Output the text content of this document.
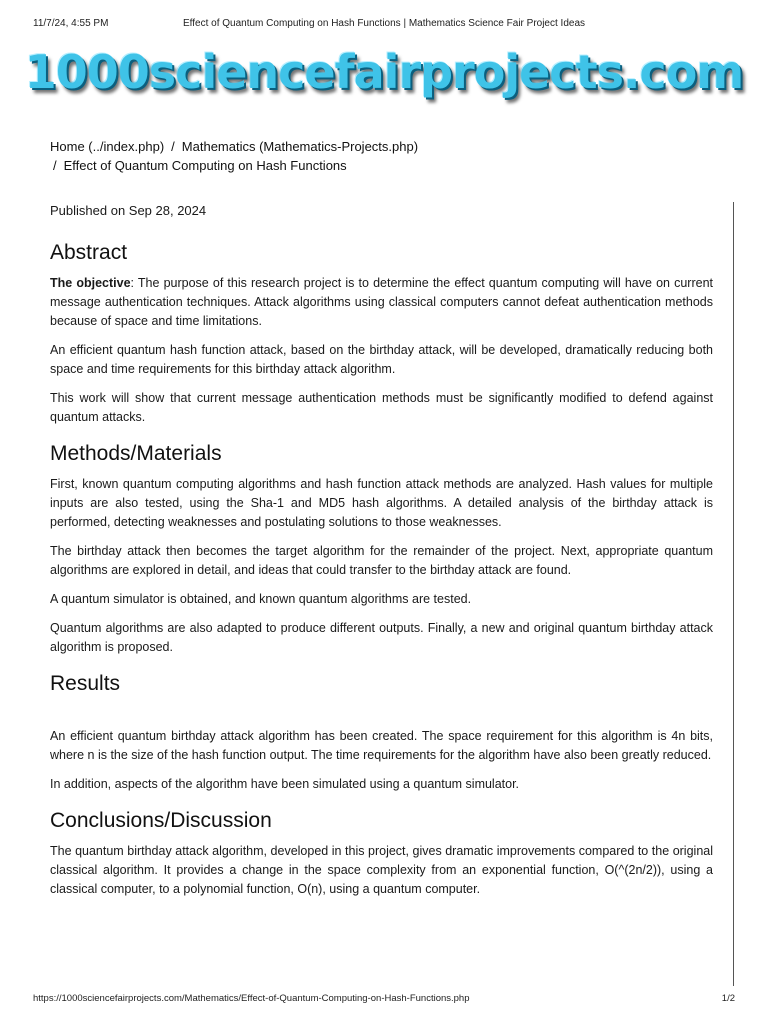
11/7/24, 4:55 PM	Effect of Quantum Computing on Hash Functions | Mathematics Science Fair Project Ideas
1000sciencefairprojects.com
Home (../index.php) / Mathematics (Mathematics-Projects.php)
/ Effect of Quantum Computing on Hash Functions
Published on Sep 28, 2024
Abstract

The objective: The purpose of this research project is to determine the effect quantum computing will have on current message authentication techniques. Attack algorithms using classical computers cannot defeat authentication methods because of space and time limitations.

An efficient quantum hash function attack, based on the birthday attack, will be developed, dramatically reducing both space and time requirements for this birthday attack algorithm.

This work will show that current message authentication methods must be significantly modified to defend against quantum attacks.

Methods/Materials

First, known quantum computing algorithms and hash function attack methods are analyzed. Hash values for multiple inputs are also tested, using the Sha-1 and MD5 hash algorithms. A detailed analysis of the birthday attack is performed, detecting weaknesses and postulating solutions to those weaknesses.

The birthday attack then becomes the target algorithm for the remainder of the project. Next, appropriate quantum algorithms are explored in detail, and ideas that could transfer to the birthday attack are found.

A quantum simulator is obtained, and known quantum algorithms are tested.

Quantum algorithms are also adapted to produce different outputs. Finally, a new and original quantum birthday attack algorithm is proposed.

Results

An efficient quantum birthday attack algorithm has been created. The space requirement for this algorithm is 4n bits, where n is the size of the hash function output. The time requirements for the algorithm have also been greatly reduced.

In addition, aspects of the algorithm have been simulated using a quantum simulator.

Conclusions/Discussion

The quantum birthday attack algorithm, developed in this project, gives dramatic improvements compared to the original classical algorithm. It provides a change in the space complexity from an exponential function, O(^(2n/2)), using a classical computer, to a polynomial function, O(n), using a quantum computer.

https://1000sciencefairprojects.com/Mathematics/Effect-of-Quantum-Computing-on-Hash-Functions.php	1/2
